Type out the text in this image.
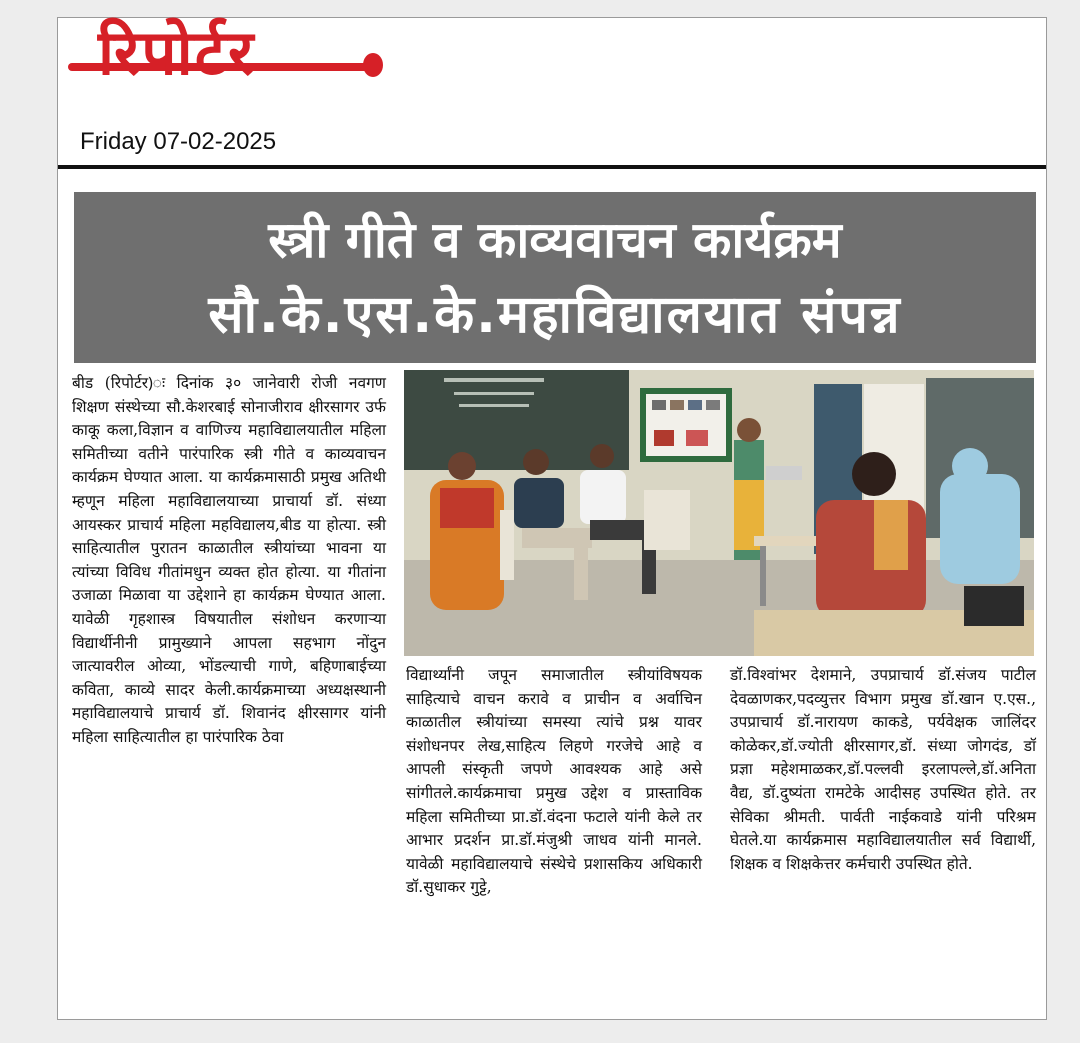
रिपोर्टर
Friday 07-02-2025
स्त्री गीते व काव्यवाचन कार्यक्रम
सौ.के.एस.के.महाविद्यालयात संपन्न

बीड (रिपोर्टर)ः दिनांक ३० जानेवारी रोजी नवगण शिक्षण संस्थेच्या सौ.केशरबाई सोनाजीराव क्षीरसागर उर्फ काकू कला,विज्ञान व वाणिज्य महाविद्यालयातील महिला समितीच्या वतीने पारंपारिक स्त्री गीते व काव्यवाचन कार्यक्रम घेण्यात आला. या कार्यक्रमासाठी प्रमुख अतिथी म्हणून महिला महाविद्यालयाच्या प्राचार्या डॉ. संध्या आयस्कर प्राचार्य महिला महविद्यालय,बीड या होत्या. स्त्री साहित्यातील पुरातन काळातील स्त्रीयांच्या भावना या त्यांच्या विविध गीतांमधुन व्यक्त होत होत्या. या गीतांना उजाळा मिळावा या उद्देशाने हा कार्यक्रम घेण्यात आला. यावेळी गृहशास्त्र विषयातील संशोधन करणाऱ्या विद्यार्थीनीनी प्रामुख्याने आपला सहभाग नोंदुन जात्यावरील ओव्या, भोंडल्याची गाणे, बहिणाबाईच्या कविता, काव्ये सादर केली.कार्यक्रमाच्या अध्यक्षस्थानी महाविद्यालयाचे प्राचार्य डॉ. शिवानंद क्षीरसागर यांनी महिला साहित्यातील हा पारंपारिक ठेवा

विद्यार्थ्यांनी जपून समाजातील स्त्रीयांविषयक साहित्याचे वाचन करावे व प्राचीन व अर्वाचिन काळातील स्त्रीयांच्या समस्या त्यांचे प्रश्न यावर संशोधनपर लेख,साहित्य लिहणे गरजेचे आहे व आपली संस्कृती जपणे आवश्यक आहे असे सांगीतले.कार्यक्रमाचा प्रमुख उद्देश व प्रास्ताविक महिला समितीच्या प्रा.डॉ.वंदना फटाले यांनी केले तर आभार प्रदर्शन प्रा.डॉ.मंजुश्री जाधव यांनी मानले. यावेळी महाविद्यालयाचे संस्थेचे प्रशासकिय अधिकारी डॉ.सुधाकर गुट्टे,

डॉ.विश्वांभर देशमाने, उपप्राचार्य डॉ.संजय पाटील देवळाणकर,पदव्युत्तर विभाग प्रमुख डॉ.खान ए.एस., उपप्राचार्य डॉ.नारायण काकडे, पर्यवेक्षक जालिंदर कोळेकर,डॉ.ज्योती क्षीरसागर,डॉ. संध्या जोगदंड, डॉ प्रज्ञा महेशमाळकर,डॉ.पल्लवी इरलापल्ले,डॉ.अनिता वैद्य, डॉ.दुष्यंता रामटेके आदीसह उपस्थित होते. तर सेविका श्रीमती. पार्वती नाईकवाडे यांनी परिश्रम घेतले.या कार्यक्रमास महाविद्यालयातील सर्व विद्यार्थी, शिक्षक व शिक्षकेत्तर कर्मचारी उपस्थित होते.
